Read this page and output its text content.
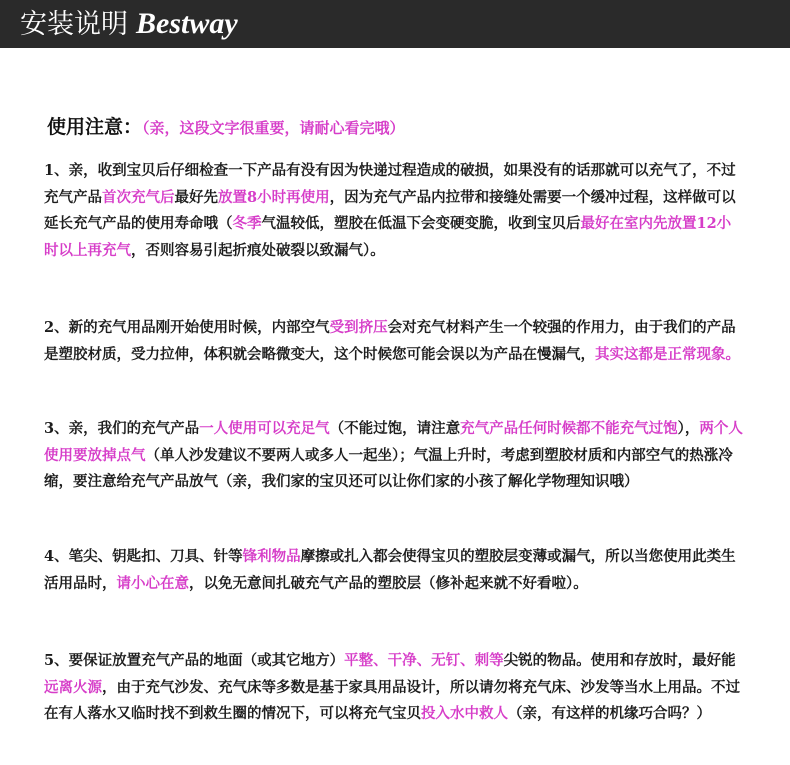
安装说明 Bestway
使用注意：（亲，这段文字很重要，请耐心看完哦）

1、亲，收到宝贝后仔细检查一下产品有没有因为快递过程造成的破损，如果没有的话那就可以充气了，不过充气产品首次充气后最好先放置8小时再使用，因为充气产品内拉带和接缝处需要一个缓冲过程，这样做可以延长充气产品的使用寿命哦（冬季气温较低，塑胶在低温下会变硬变脆，收到宝贝后最好在室内先放置12小时以上再充气，否则容易引起折痕处破裂以致漏气）。

2、新的充气用品刚开始使用时候，内部空气受到挤压会对充气材料产生一个较强的作用力，由于我们的产品是塑胶材质，受力拉伸，体积就会略微变大，这个时候您可能会误以为产品在慢漏气，其实这都是正常现象。

3、亲，我们的充气产品一人使用可以充足气（不能过饱，请注意充气产品任何时候都不能充气过饱），两个人使用要放掉点气（单人沙发建议不要两人或多人一起坐）；气温上升时，考虑到塑胶材质和内部空气的热涨冷缩，要注意给充气产品放气（亲，我们家的宝贝还可以让你们家的小孩了解化学物理知识哦）

4、笔尖、钥匙扣、刀具、针等锋利物品摩擦或扎入都会使得宝贝的塑胶层变薄或漏气，所以当您使用此类生活用品时，请小心在意，以免无意间扎破充气产品的塑胶层（修补起来就不好看啦）。

5、要保证放置充气产品的地面（或其它地方）平整、干净、无钉、刺等尖锐的物品。使用和存放时，最好能远离火源，由于充气沙发、充气床等多数是基于家具用品设计，所以请勿将充气床、沙发等当水上用品。不过在有人落水又临时找不到救生圈的情况下，可以将充气宝贝投入水中救人（亲，有这样的机缘巧合吗？）
